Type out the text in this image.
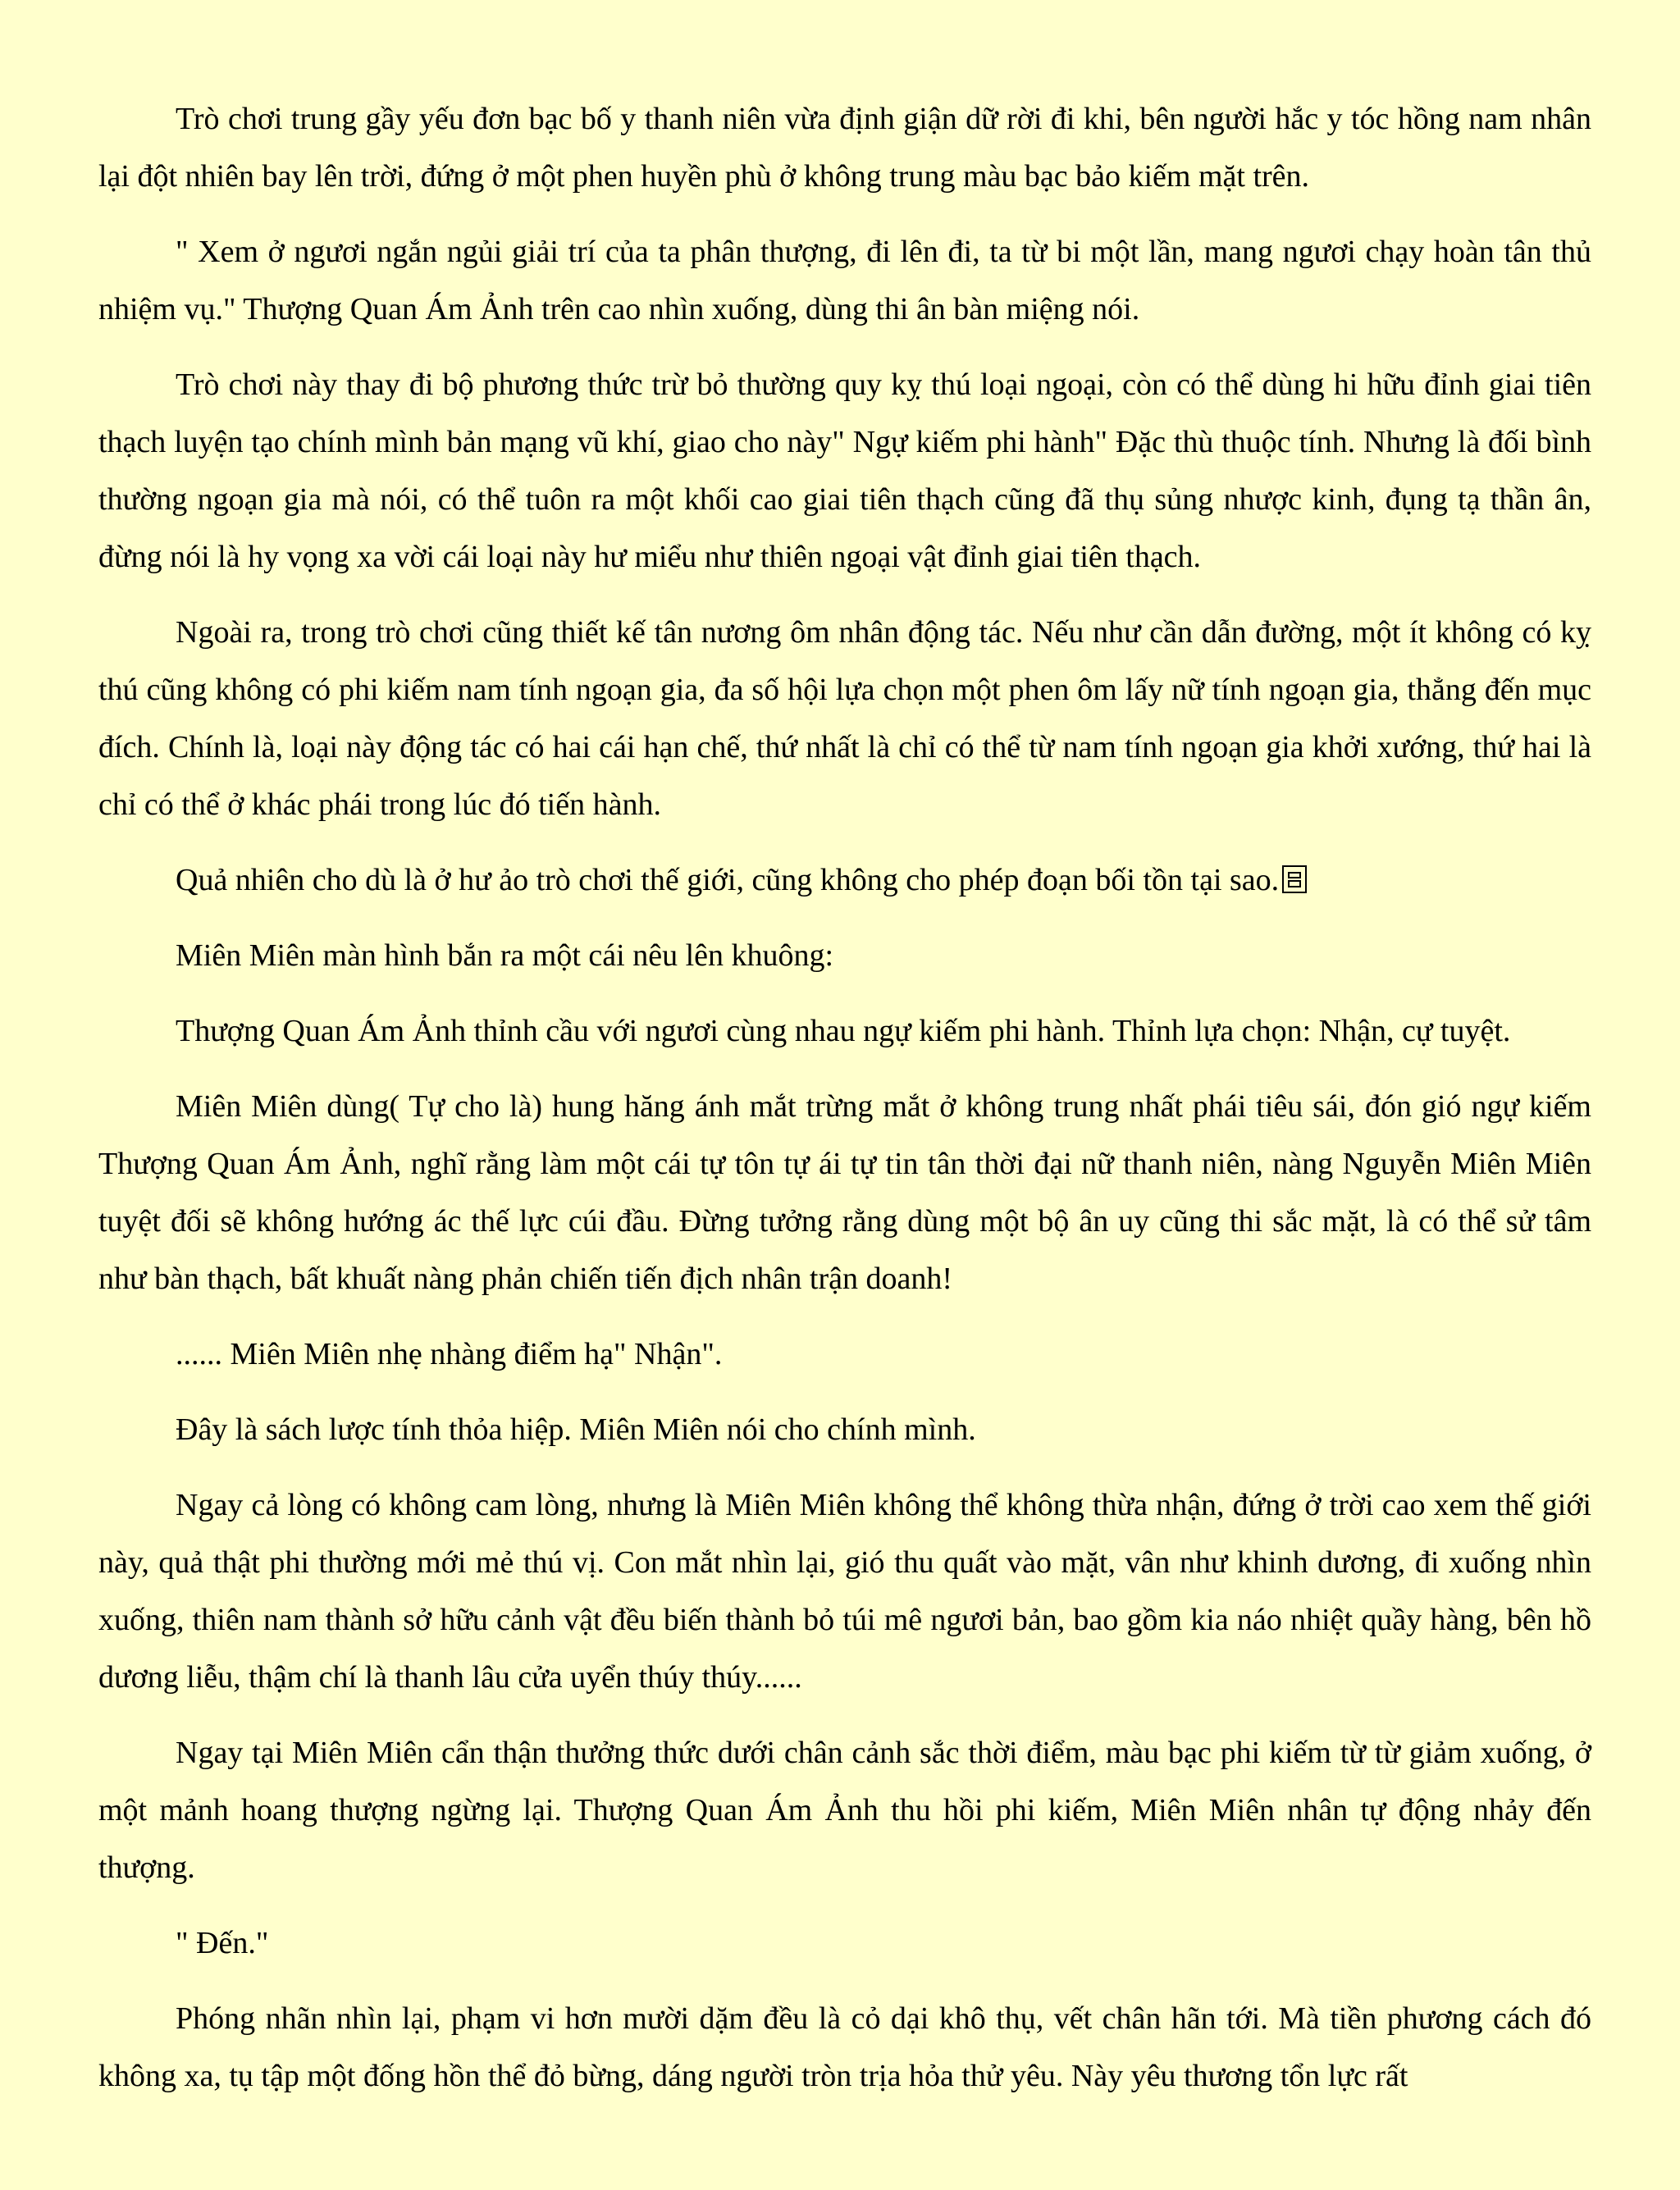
Trò chơi trung gầy yếu đơn bạc bố y thanh niên vừa định giận dữ rời đi khi, bên người hắc y tóc hồng nam nhân lại đột nhiên bay lên trời, đứng ở một phen huyền phù ở không trung màu bạc bảo kiếm mặt trên.

" Xem ở ngươi ngắn ngủi giải trí của ta phân thượng, đi lên đi, ta từ bi một lần, mang ngươi chạy hoàn tân thủ nhiệm vụ." Thượng Quan Ám Ảnh trên cao nhìn xuống, dùng thi ân bàn miệng nói.

Trò chơi này thay đi bộ phương thức trừ bỏ thường quy kỵ thú loại ngoại, còn có thể dùng hi hữu đỉnh giai tiên thạch luyện tạo chính mình bản mạng vũ khí, giao cho này" Ngự kiếm phi hành" Đặc thù thuộc tính. Nhưng là đối bình thường ngoạn gia mà nói, có thể tuôn ra một khối cao giai tiên thạch cũng đã thụ sủng nhược kinh, đụng tạ thần ân, đừng nói là hy vọng xa vời cái loại này hư miểu như thiên ngoại vật đỉnh giai tiên thạch.

Ngoài ra, trong trò chơi cũng thiết kế tân nương ôm nhân động tác. Nếu như cần dẫn đường, một ít không có kỵ thú cũng không có phi kiếm nam tính ngoạn gia, đa số hội lựa chọn một phen ôm lấy nữ tính ngoạn gia, thẳng đến mục đích. Chính là, loại này động tác có hai cái hạn chế, thứ nhất là chỉ có thể từ nam tính ngoạn gia khởi xướng, thứ hai là chỉ có thể ở khác phái trong lúc đó tiến hành.

Quả nhiên cho dù là ở hư ảo trò chơi thế giới, cũng không cho phép đoạn bối tồn tại sao.

Miên Miên màn hình bắn ra một cái nêu lên khuông:

Thượng Quan Ám Ảnh thỉnh cầu với ngươi cùng nhau ngự kiếm phi hành. Thỉnh lựa chọn: Nhận, cự tuyệt.

Miên Miên dùng( Tự cho là) hung hăng ánh mắt trừng mắt ở không trung nhất phái tiêu sái, đón gió ngự kiếm Thượng Quan Ám Ảnh, nghĩ rằng làm một cái tự tôn tự ái tự tin tân thời đại nữ thanh niên, nàng Nguyễn Miên Miên tuyệt đối sẽ không hướng ác thế lực cúi đầu. Đừng tưởng rằng dùng một bộ ân uy cũng thi sắc mặt, là có thể sử tâm như bàn thạch, bất khuất nàng phản chiến tiến địch nhân trận doanh!

...... Miên Miên nhẹ nhàng điểm hạ" Nhận".

Đây là sách lược tính thỏa hiệp. Miên Miên nói cho chính mình.

Ngay cả lòng có không cam lòng, nhưng là Miên Miên không thể không thừa nhận, đứng ở trời cao xem thế giới này, quả thật phi thường mới mẻ thú vị. Con mắt nhìn lại, gió thu quất vào mặt, vân như khinh dương, đi xuống nhìn xuống, thiên nam thành sở hữu cảnh vật đều biến thành bỏ túi mê ngươi bản, bao gồm kia náo nhiệt quầy hàng, bên hồ dương liễu, thậm chí là thanh lâu cửa uyển thúy thúy......

Ngay tại Miên Miên cẩn thận thưởng thức dưới chân cảnh sắc thời điểm, màu bạc phi kiếm từ từ giảm xuống, ở một mảnh hoang thượng ngừng lại. Thượng Quan Ám Ảnh thu hồi phi kiếm, Miên Miên nhân tự động nhảy đến thượng.

" Đến."

Phóng nhãn nhìn lại, phạm vi hơn mười dặm đều là cỏ dại khô thụ, vết chân hãn tới. Mà tiền phương cách đó không xa, tụ tập một đống hồn thể đỏ bừng, dáng người tròn trịa hỏa thử yêu. Này yêu thương tổn lực rất
